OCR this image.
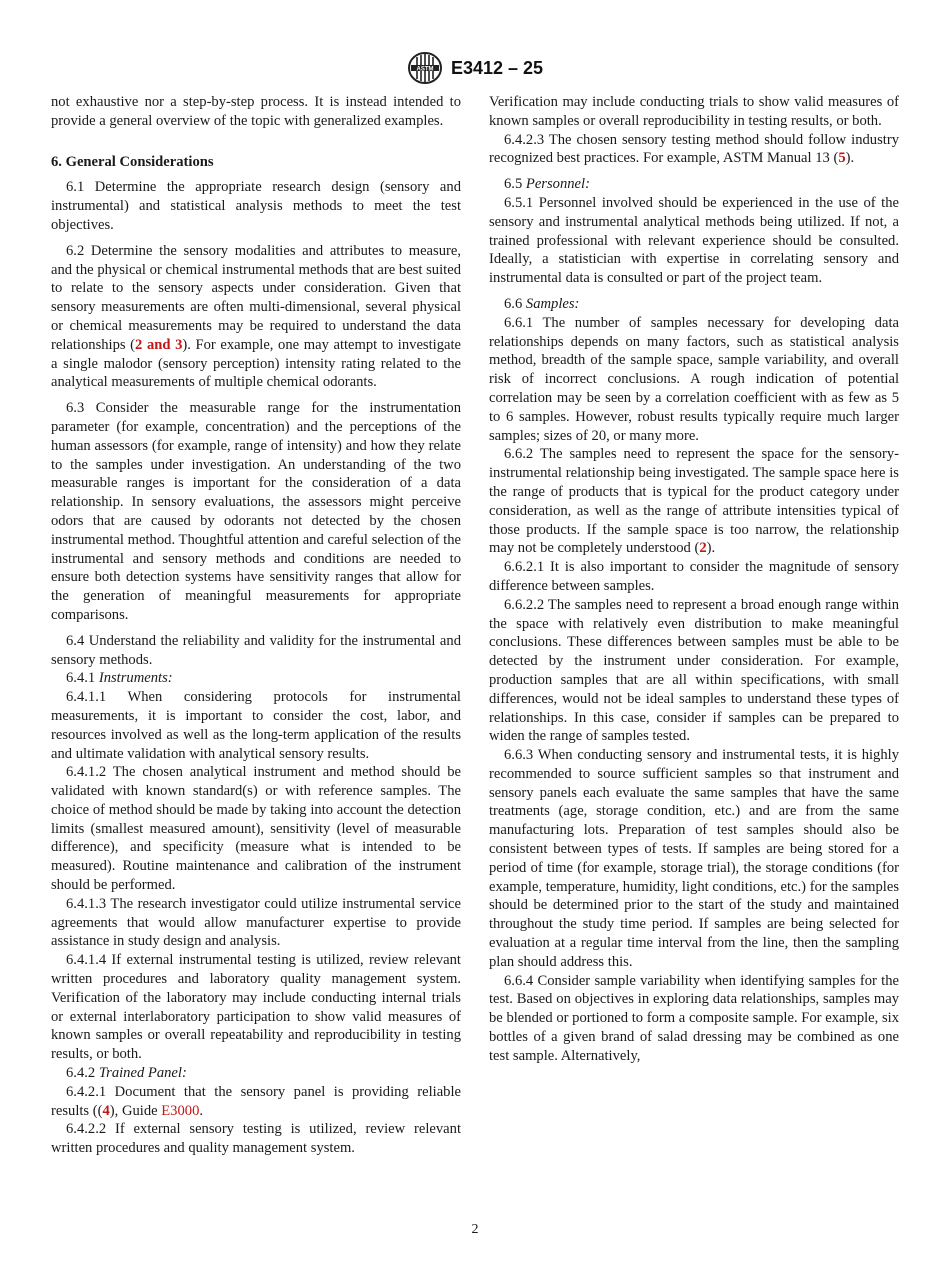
ASTM E3412 – 25

not exhaustive nor a step-by-step process. It is instead intended to provide a general overview of the topic with generalized examples.

6. General Considerations

6.1 Determine the appropriate research design (sensory and instrumental) and statistical analysis methods to meet the test objectives.

6.2 Determine the sensory modalities and attributes to measure, and the physical or chemical instrumental methods that are best suited to relate to the sensory aspects under consideration. Given that sensory measurements are often multi-dimensional, several physical or chemical measurements may be required to understand the data relationships (2 and 3). For example, one may attempt to investigate a single malodor (sensory perception) intensity rating related to the analytical measurements of multiple chemical odorants.

6.3 Consider the measurable range for the instrumentation parameter (for example, concentration) and the perceptions of the human assessors (for example, range of intensity) and how they relate to the samples under investigation. An understanding of the two measurable ranges is important for the consideration of a data relationship. In sensory evaluations, the assessors might perceive odors that are caused by odorants not detected by the chosen instrumental method. Thoughtful attention and careful selection of the instrumental and sensory methods and conditions are needed to ensure both detection systems have sensitivity ranges that allow for the generation of meaningful measurements for appropriate comparisons.

6.4 Understand the reliability and validity for the instrumental and sensory methods.

6.4.1 Instruments:

6.4.1.1 When considering protocols for instrumental measurements, it is important to consider the cost, labor, and resources involved as well as the long-term application of the results and ultimate validation with analytical sensory results.

6.4.1.2 The chosen analytical instrument and method should be validated with known standard(s) or with reference samples. The choice of method should be made by taking into account the detection limits (smallest measured amount), sensitivity (level of measurable difference), and specificity (measure what is intended to be measured). Routine maintenance and calibration of the instrument should be performed.

6.4.1.3 The research investigator could utilize instrumental service agreements that would allow manufacturer expertise to provide assistance in study design and analysis.

6.4.1.4 If external instrumental testing is utilized, review relevant written procedures and laboratory quality management system. Verification of the laboratory may include conducting internal trials or external interlaboratory participation to show valid measures of known samples or overall repeatability and reproducibility in testing results, or both.

6.4.2 Trained Panel:

6.4.2.1 Document that the sensory panel is providing reliable results ((4), Guide E3000.

6.4.2.2 If external sensory testing is utilized, review relevant written procedures and quality management system.

Verification may include conducting trials to show valid measures of known samples or overall reproducibility in testing results, or both.

6.4.2.3 The chosen sensory testing method should follow industry recognized best practices. For example, ASTM Manual 13 (5).

6.5 Personnel:

6.5.1 Personnel involved should be experienced in the use of the sensory and instrumental analytical methods being utilized. If not, a trained professional with relevant experience should be consulted. Ideally, a statistician with expertise in correlating sensory and instrumental data is consulted or part of the project team.

6.6 Samples:

6.6.1 The number of samples necessary for developing data relationships depends on many factors, such as statistical analysis method, breadth of the sample space, sample variability, and overall risk of incorrect conclusions. A rough indication of potential correlation may be seen by a correlation coefficient with as few as 5 to 6 samples. However, robust results typically require much larger samples; sizes of 20, or many more.

6.6.2 The samples need to represent the space for the sensory-instrumental relationship being investigated. The sample space here is the range of products that is typical for the product category under consideration, as well as the range of attribute intensities typical of those products. If the sample space is too narrow, the relationship may not be completely understood (2).

6.6.2.1 It is also important to consider the magnitude of sensory difference between samples.

6.6.2.2 The samples need to represent a broad enough range within the space with relatively even distribution to make meaningful conclusions. These differences between samples must be able to be detected by the instrument under consideration. For example, production samples that are all within specifications, with small differences, would not be ideal samples to understand these types of relationships. In this case, consider if samples can be prepared to widen the range of samples tested.

6.6.3 When conducting sensory and instrumental tests, it is highly recommended to source sufficient samples so that instrument and sensory panels each evaluate the same samples that have the same treatments (age, storage condition, etc.) and are from the same manufacturing lots. Preparation of test samples should also be consistent between types of tests. If samples are being stored for a period of time (for example, storage trial), the storage conditions (for example, temperature, humidity, light conditions, etc.) for the samples should be determined prior to the start of the study and maintained throughout the study time period. If samples are being selected for evaluation at a regular time interval from the line, then the sampling plan should address this.

6.6.4 Consider sample variability when identifying samples for the test. Based on objectives in exploring data relationships, samples may be blended or portioned to form a composite sample. For example, six bottles of a given brand of salad dressing may be combined as one test sample. Alternatively,

2
